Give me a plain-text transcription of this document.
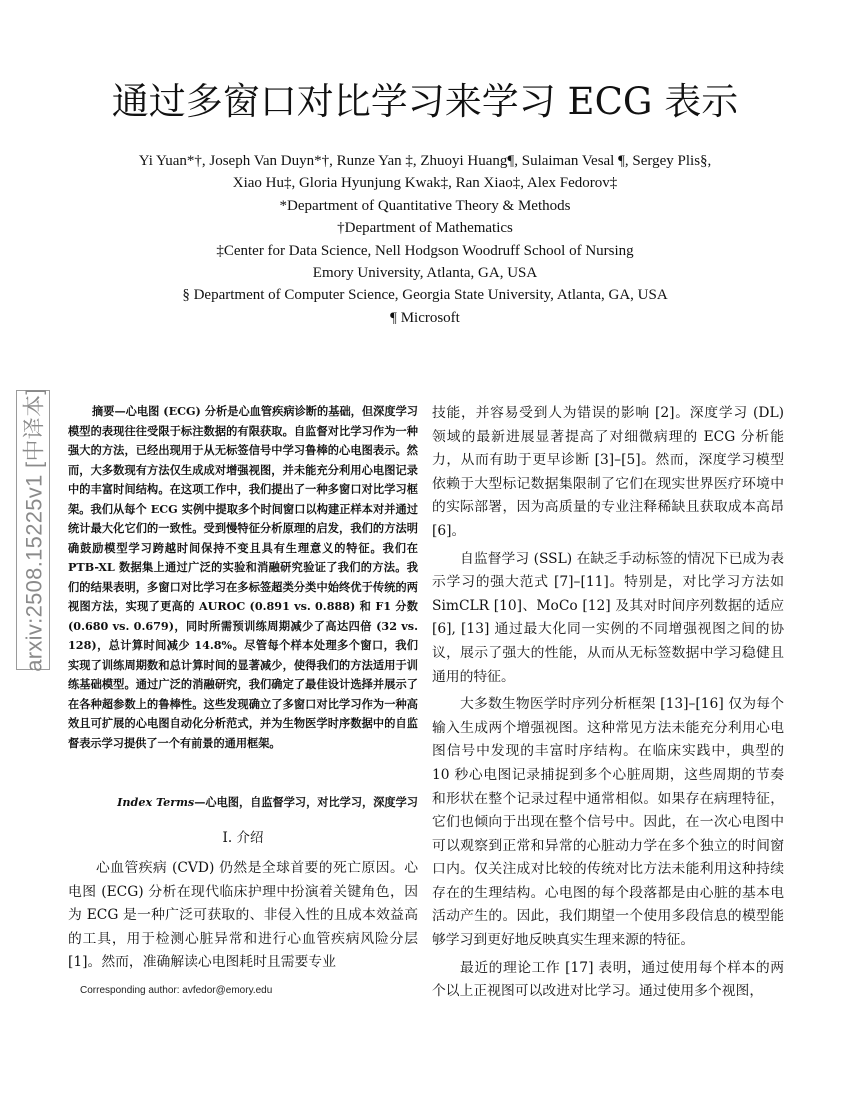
通过多窗口对比学习来学习 ECG 表示
Yi Yuan*†, Joseph Van Duyn*†, Runze Yan ‡, Zhuoyi Huang¶, Sulaiman Vesal ¶, Sergey Plis§,
Xiao Hu‡, Gloria Hyunjung Kwak‡, Ran Xiao‡, Alex Fedorov‡
*Department of Quantitative Theory & Methods
†Department of Mathematics
‡Center for Data Science, Nell Hodgson Woodruff School of Nursing
Emory University, Atlanta, GA, USA
§ Department of Computer Science, Georgia State University, Atlanta, GA, USA
¶ Microsoft
arxiv:2508.15225v1 [中译本]	摘要—心电图 (ECG) 分析是心血管疾病诊断的基础，但深度学习模型的表现往往受限于标注数据的有限获取。自监督对比学习作为一种强大的方法，已经出现用于从无标签信号中学习鲁棒的心电图表示。然而，大多数现有方法仅生成成对增强视图，并未能充分利用心电图记录中的丰富时间结构。在这项工作中，我们提出了一种多窗口对比学习框架。我们从每个 ECG 实例中提取多个时间窗口以构建正样本对并通过统计最大化它们的一致性。受到慢特征分析原理的启发，我们的方法明确鼓励模型学习跨越时间保持不变且具有生理意义的特征。我们在 PTB-XL 数据集上通过广泛的实验和消融研究验证了我们的方法。我们的结果表明，多窗口对比学习在多标签超类分类中始终优于传统的两视图方法，实现了更高的 AUROC (0.891 vs. 0.888) 和 F1 分数 (0.680 vs. 0.679)，同时所需预训练周期减少了高达四倍 (32 vs. 128)，总计算时间减少 14.8%。尽管每个样本处理多个窗口，我们实现了训练周期数和总计算时间的显著减少，使得我们的方法适用于训练基础模型。通过广泛的消融研究，我们确定了最佳设计选择并展示了在各种超参数上的鲁棒性。这些发现确立了多窗口对比学习作为一种高效且可扩展的心电图自动化分析范式，并为生物医学时序数据中的自监督表示学习提供了一个有前景的通用框架。

Index Terms—心电图，自监督学习，对比学习，深度学习

I. 介绍

心血管疾病 (CVD) 仍然是全球首要的死亡原因。心电图 (ECG) 分析在现代临床护理中扮演着关键角色，因为 ECG 是一种广泛可获取的、非侵入性的且成本效益高的工具，用于检测心脏异常和进行心血管疾病风险分层 [1]。然而，准确解读心电图耗时且需要专业

Corresponding author: avfedor@emory.edu

技能，并容易受到人为错误的影响 [2]。深度学习 (DL) 领域的最新进展显著提高了对细微病理的 ECG 分析能力，从而有助于更早诊断 [3]–[5]。然而，深度学习模型依赖于大型标记数据集限制了它们在现实世界医疗环境中的实际部署，因为高质量的专业注释稀缺且获取成本高昂 [6]。

自监督学习 (SSL) 在缺乏手动标签的情况下已成为表示学习的强大范式 [7]–[11]。特别是，对比学习方法如 SimCLR [10]、MoCo [12] 及其对时间序列数据的适应 [6], [13] 通过最大化同一实例的不同增强视图之间的协议，展示了强大的性能，从而从无标签数据中学习稳健且通用的特征。

大多数生物医学时序列分析框架 [13]–[16] 仅为每个输入生成两个增强视图。这种常见方法未能充分利用心电图信号中发现的丰富时序结构。在临床实践中，典型的 10 秒心电图记录捕捉到多个心脏周期，这些周期的节奏和形状在整个记录过程中通常相似。如果存在病理特征，它们也倾向于出现在整个信号中。因此，在一次心电图中可以观察到正常和异常的心脏动力学在多个独立的时间窗口内。仅关注成对比较的传统对比方法未能利用这种持续存在的生理结构。心电图的每个段落都是由心脏的基本电活动产生的。因此，我们期望一个使用多段信息的模型能够学习到更好地反映真实生理来源的特征。

最近的理论工作 [17] 表明，通过使用每个样本的两个以上正视图可以改进对比学习。通过使用多个视图，
